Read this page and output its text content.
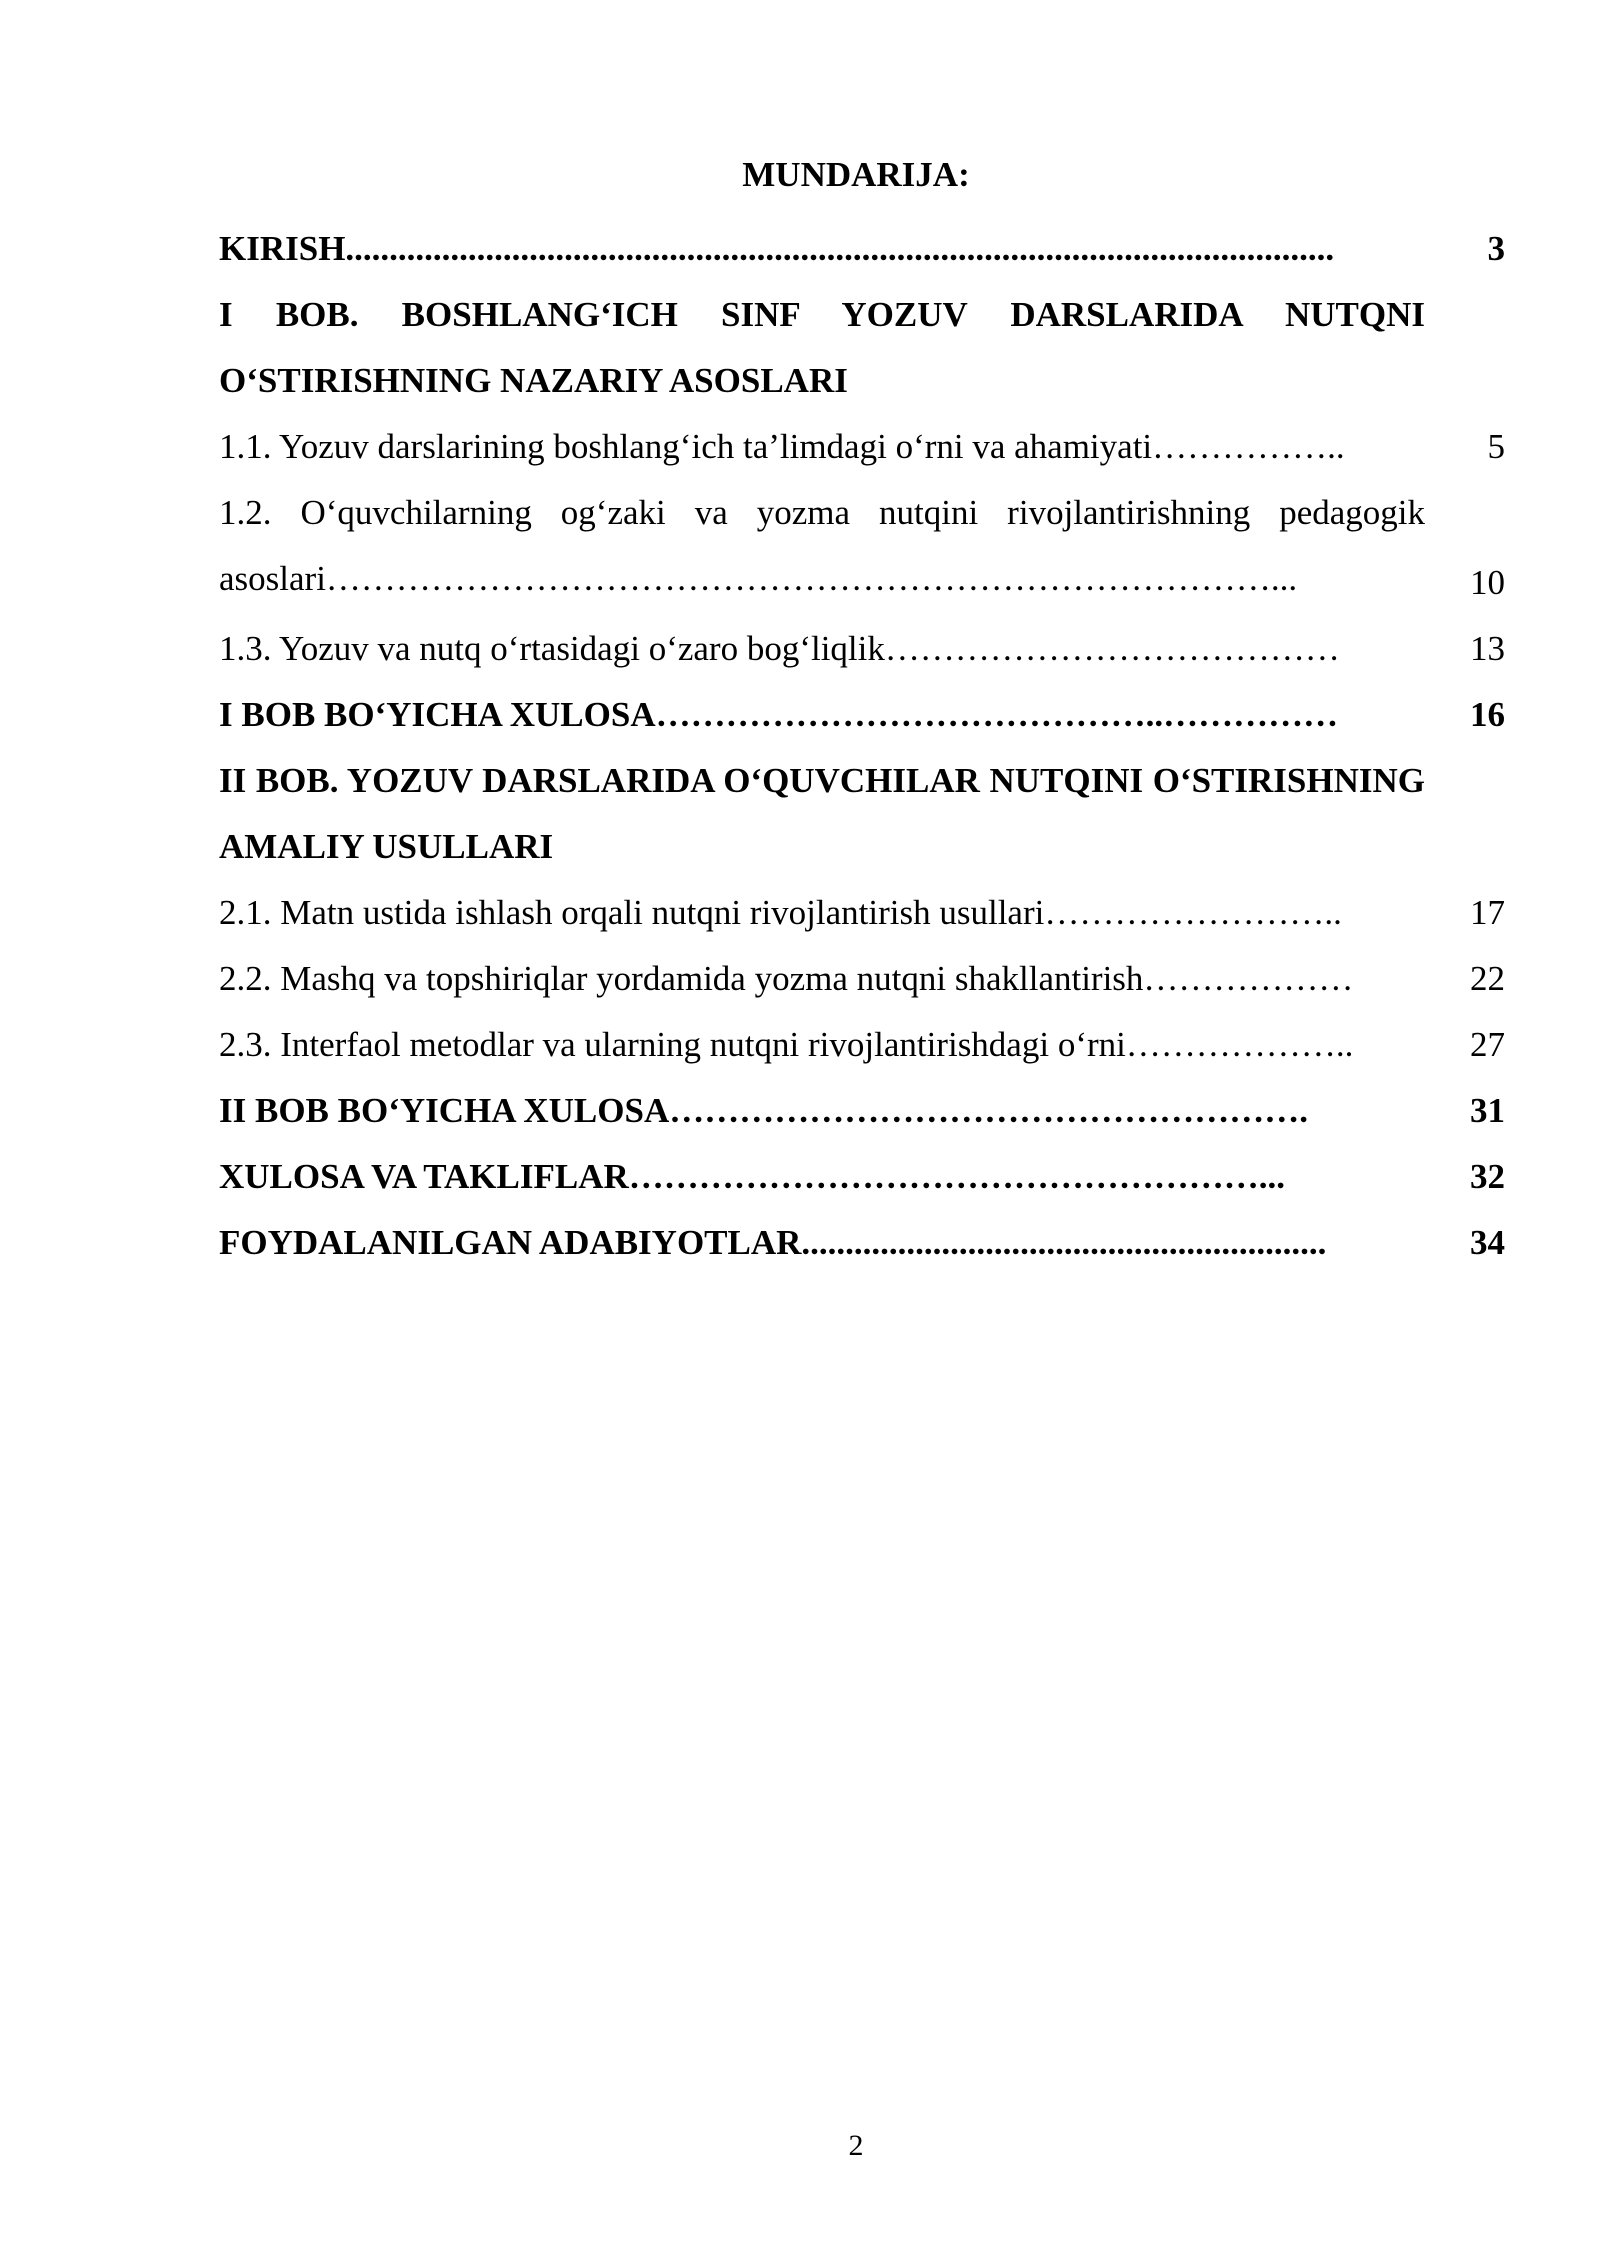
MUNDARIJA:
KIRISH.................................................................................................................	3
I BOB. BOSHLANG‘ICH SINF YOZUV DARSLARIDA NUTQNI O‘STIRISHNING NAZARIY ASOSLARI
1.1. Yozuv darslarining boshlang‘ich ta’limdagi o‘rni va ahamiyati……………..	5
1.2. O‘quvchilarning og‘zaki va yozma nutqini rivojlantirishning pedagogik asoslari………………………………………………………………………...	10
1.3. Yozuv va nutq o‘rtasidagi o‘zaro bog‘liqlik…………………………………	13
I BOB BO‘YICHA XULOSA……………………………………..……………	16
II BOB. YOZUV DARSLARIDA O‘QUVCHILAR NUTQINI O‘STIRISHNING AMALIY USULLARI
2.1. Matn ustida ishlash orqali nutqni rivojlantirish usullari……………………..	17
2.2. Mashq va topshiriqlar yordamida yozma nutqni shakllantirish………………	22
2.3. Interfaol metodlar va ularning nutqni rivojlantirishdagi o‘rni………………..	27
II BOB BO‘YICHA XULOSA……………………………………………….	31
XULOSA VA TAKLIFLAR………………………………………………...	32
FOYDALANILGAN ADABIYOTLAR............................................................	34
2
